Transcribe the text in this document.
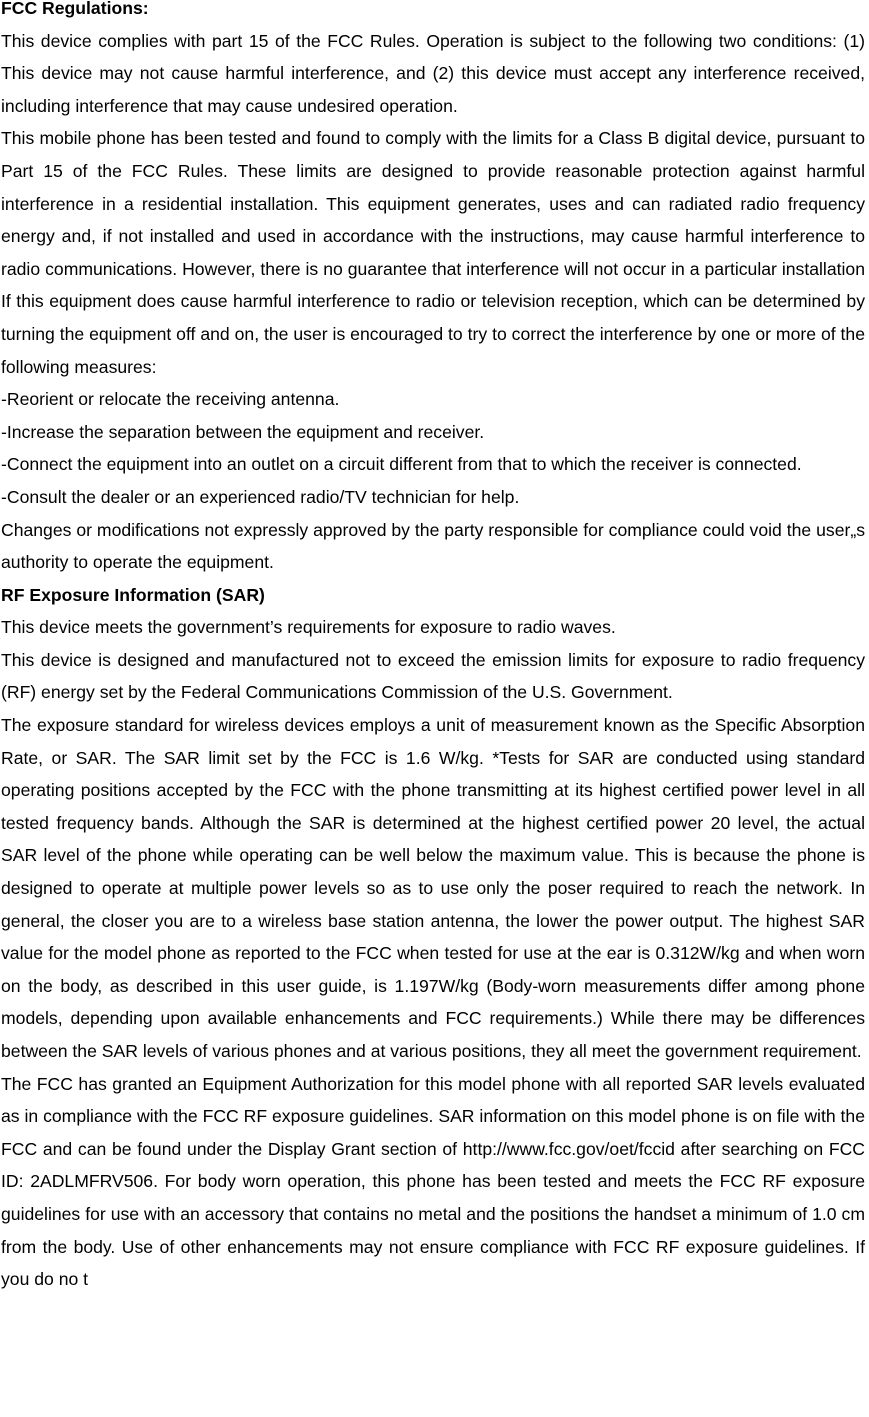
FCC Regulations:

This device complies with part 15 of the FCC Rules. Operation is subject to the following two conditions: (1) This device may not cause harmful interference, and (2) this device must accept any interference received, including interference that may cause undesired operation.

This mobile phone has been tested and found to comply with the limits for a Class B digital device, pursuant to Part 15 of the FCC Rules. These limits are designed to provide reasonable protection against harmful interference in a residential installation. This equipment generates, uses and can radiated radio frequency energy and, if not installed and used in accordance with the instructions, may cause harmful interference to radio communications. However, there is no guarantee that interference will not occur in a particular installation If this equipment does cause harmful interference to radio or television reception, which can be determined by turning the equipment off and on, the user is encouraged to try to correct the interference by one or more of the following measures:

-Reorient or relocate the receiving antenna.

-Increase the separation between the equipment and receiver.

-Connect the equipment into an outlet on a circuit different from that to which the receiver is connected.

-Consult the dealer or an experienced radio/TV technician for help.

Changes or modifications not expressly approved by the party responsible for compliance could void the user„s authority to operate the equipment.

RF Exposure Information (SAR)

This device meets the government’s requirements for exposure to radio waves.

This device is designed and manufactured not to exceed the emission limits for exposure to radio frequency (RF) energy set by the Federal Communications Commission of the U.S. Government.

The exposure standard for wireless devices employs a unit of measurement known as the Specific Absorption Rate, or SAR. The SAR limit set by the FCC is 1.6 W/kg. *Tests for SAR are conducted using standard operating positions accepted by the FCC with the phone transmitting at its highest certified power level in all tested frequency bands. Although the SAR is determined at the highest certified power 20 level, the actual SAR level of the phone while operating can be well below the maximum value. This is because the phone is designed to operate at multiple power levels so as to use only the poser required to reach the network. In general, the closer you are to a wireless base station antenna, the lower the power output. The highest SAR value for the model phone as reported to the FCC when tested for use at the ear is 0.312W/kg and when worn on the body, as described in this user guide, is 1.197W/kg (Body-worn measurements differ among phone models, depending upon available enhancements and FCC requirements.) While there may be differences between the SAR levels of various phones and at various positions, they all meet the government requirement.

The FCC has granted an Equipment Authorization for this model phone with all reported SAR levels evaluated as in compliance with the FCC RF exposure guidelines. SAR information on this model phone is on file with the FCC and can be found under the Display Grant section of http://www.fcc.gov/oet/fccid after searching on FCC ID: 2ADLMFRV506. For body worn operation, this phone has been tested and meets the FCC RF exposure guidelines for use with an accessory that contains no metal and the positions the handset a minimum of 1.0 cm from the body. Use of other enhancements may not ensure compliance with FCC RF exposure guidelines. If you do no t
